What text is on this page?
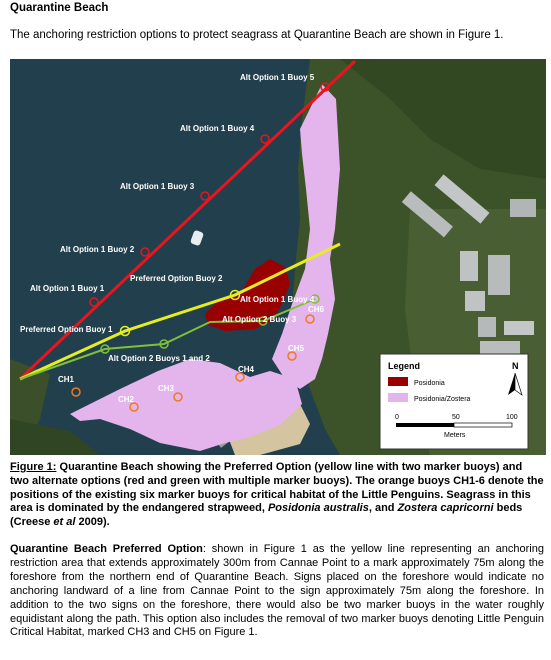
Quarantine Beach
The anchoring restriction options to protect seagrass at Quarantine Beach are shown in Figure 1.
Alt Option 1 Buoy 5
Alt Option 1 Buoy 4
Alt Option 1 Buoy 3
Alt Option 1 Buoy 2
Alt Option 1 Buoy 1
Preferred Option Buoy 2
Preferred Option Buoy 1
Alt Option 1 Buoy 4
Alt Option 2 Buoy 3
Alt Option 2 Buoys 1 and 2
CH1
CH2
CH3
CH4
CH5
CH6
Legend
Posidonia
Posidonia/Zostera
N
0	50	100
Meters
Figure 1: Quarantine Beach showing the Preferred Option (yellow line with two marker buoys) and two alternate options (red and green with multiple marker buoys). The orange buoys CH1-6 denote the positions of the existing six marker buoys for critical habitat of the Little Penguins. Seagrass in this area is dominated by the endangered strapweed, Posidonia australis, and Zostera capricorni beds (Creese et al 2009).
Quarantine Beach Preferred Option: shown in Figure 1 as the yellow line representing an anchoring restriction area that extends approximately 300m from Cannae Point to a mark approximately 75m along the foreshore from the northern end of Quarantine Beach. Signs placed on the foreshore would indicate no anchoring landward of a line from Cannae Point to the sign approximately 75m along the foreshore. In addition to the two signs on the foreshore, there would also be two marker buoys in the water roughly equidistant along the path. This option also includes the removal of two marker buoys denoting Little Penguin Critical Habitat, marked CH3 and CH5 on Figure 1.
